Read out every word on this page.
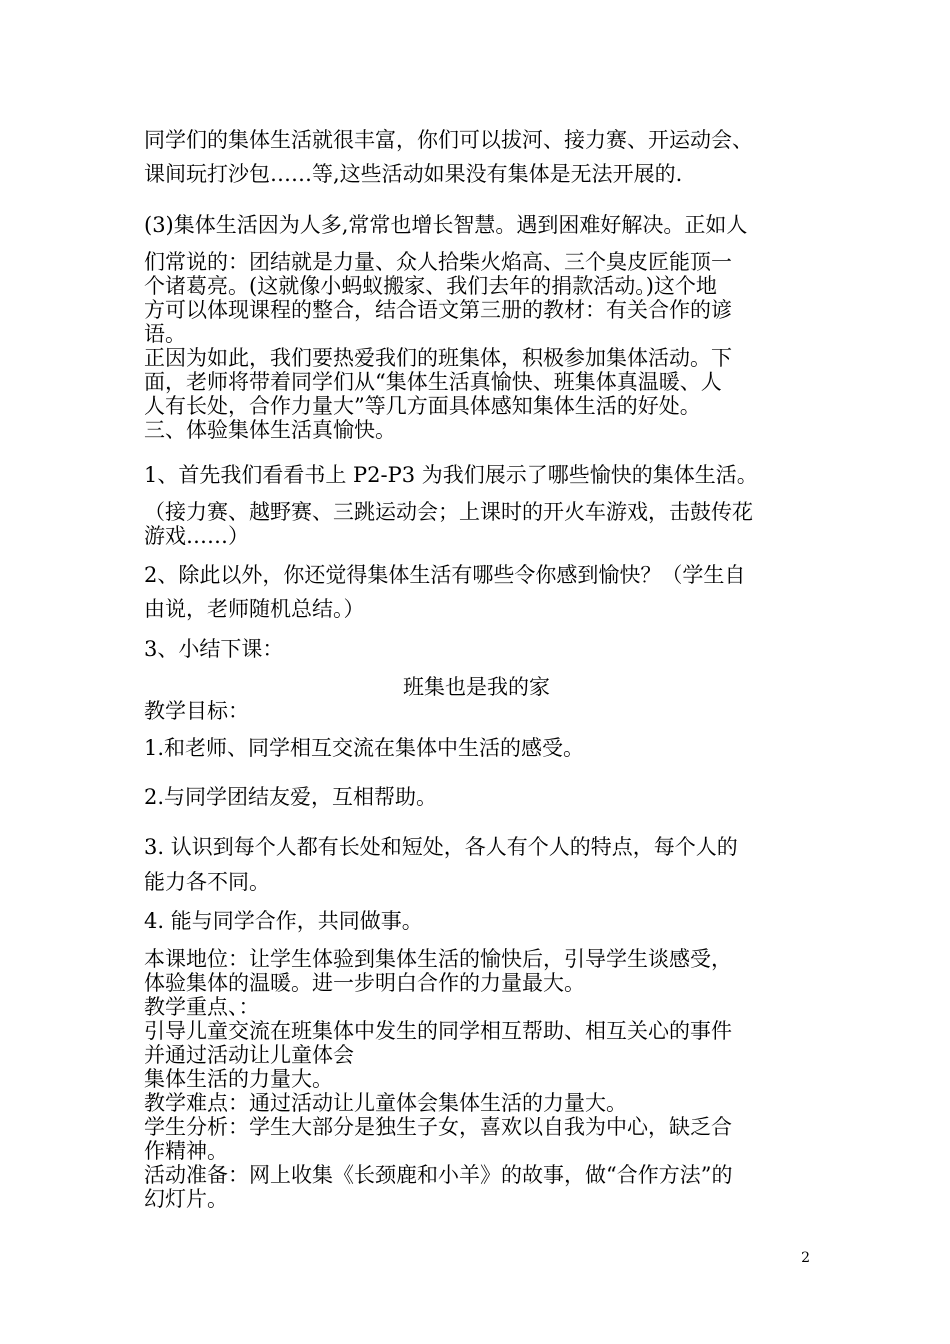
同学们的集体生活就很丰富，你们可以拔河、接力赛、开运动会、
课间玩打沙包……等,这些活动如果没有集体是无法开展的.
(3)集体生活因为人多,常常也增长智慧。遇到困难好解决。正如人
们常说的：团结就是力量、众人拾柴火焰高、三个臭皮匠能顶一
个诸葛亮。(这就像小蚂蚁搬家、我们去年的捐款活动。)这个地
方可以体现课程的整合，结合语文第三册的教材：有关合作的谚
语。
正因为如此，我们要热爱我们的班集体，积极参加集体活动。下
面，老师将带着同学们从“集体生活真愉快、班集体真温暖、人
人有长处，合作力量大”等几方面具体感知集体生活的好处。
三、体验集体生活真愉快。
1、首先我们看看书上 P2-P3 为我们展示了哪些愉快的集体生活。
（接力赛、越野赛、三跳运动会；上课时的开火车游戏，击鼓传花
游戏……）
2、除此以外，你还觉得集体生活有哪些令你感到愉快？（学生自
由说，老师随机总结。）
3、小结下课：
班集也是我的家
教学目标：
1.和老师、同学相互交流在集体中生活的感受。
2.与同学团结友爱，互相帮助。
3. 认识到每个人都有长处和短处，各人有个人的特点，每个人的
能力各不同。
4. 能与同学合作，共同做事。
本课地位：让学生体验到集体生活的愉快后，引导学生谈感受，
体验集体的温暖。进一步明白合作的力量最大。
教学重点、：
引导儿童交流在班集体中发生的同学相互帮助、相互关心的事件
并通过活动让儿童体会
集体生活的力量大。
教学难点：通过活动让儿童体会集体生活的力量大。
学生分析：学生大部分是独生子女，喜欢以自我为中心，缺乏合
作精神。
活动准备：网上收集《长颈鹿和小羊》的故事，做“合作方法”的
幻灯片。
2
